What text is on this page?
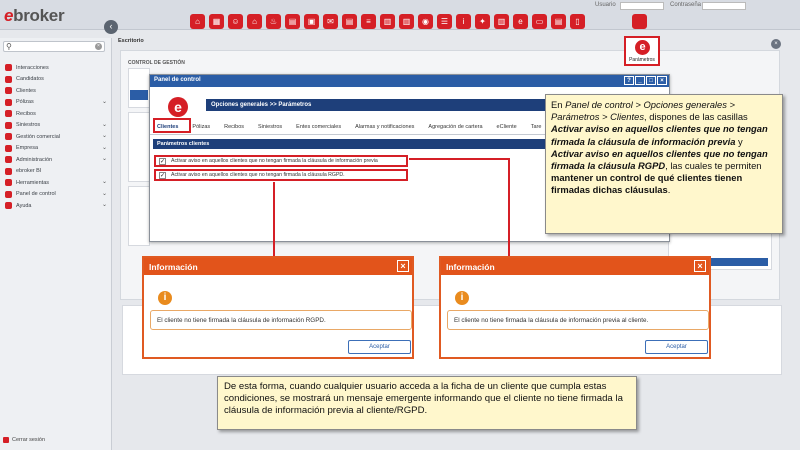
ebroker
‹	⌂	▦	☺	⌂	♨	▤	▣	✉	▤	≡	▥	▥	◉	☰	i	✦	▥	e	▭	▤	▯
Usuario	Contraseña
⚲	×
Interacciones
Candidatos
Clientes
Pólizas	⌄
Recibos
Siniestros	⌄
Gestión comercial	⌄
Empresa	⌄
Administración	⌄
ebroker BI
Herramientas	⌄
Panel de control	⌄
Ayuda	⌄
Cerrar sesión
Escritorio	×
CONTROL DE GESTIÓN
e
Parámetros
Panel de control	?	_	□	×
e	Opciones generales >> Parámetros
Clientes	Pólizas	Recibos	Siniestros	Entes comerciales	Alarmas y notificaciones	Agregación de cartera	eCliente	Tare
Parámetros clientes
✓ Activar aviso en aquellos clientes que no tengan firmada la cláusula de información previa
✓ Activar aviso en aquellos clientes que no tengan firmada la cláusula RGPD.
En Panel de control > Opciones generales > Parámetros > Clientes, dispones de las casillas Activar aviso en aquellos clientes que no tengan firmada la cláusula de información previa y Activar aviso en aquellos clientes que no tengan firmada la cláusula RGPD, las cuales te permiten mantener un control de qué clientes tienen firmadas dichas cláusulas.
Información	×
i
El cliente no tiene firmada la cláusula de información RGPD.
Aceptar
Información	×
i
El cliente no tiene firmada la cláusula de información previa al cliente.
Aceptar
De esta forma, cuando cualquier usuario acceda a la ficha de un cliente que cumpla estas condiciones, se mostrará un mensaje emergente informando que el cliente no tiene firmada la cláusula de información previa al cliente/RGPD.
